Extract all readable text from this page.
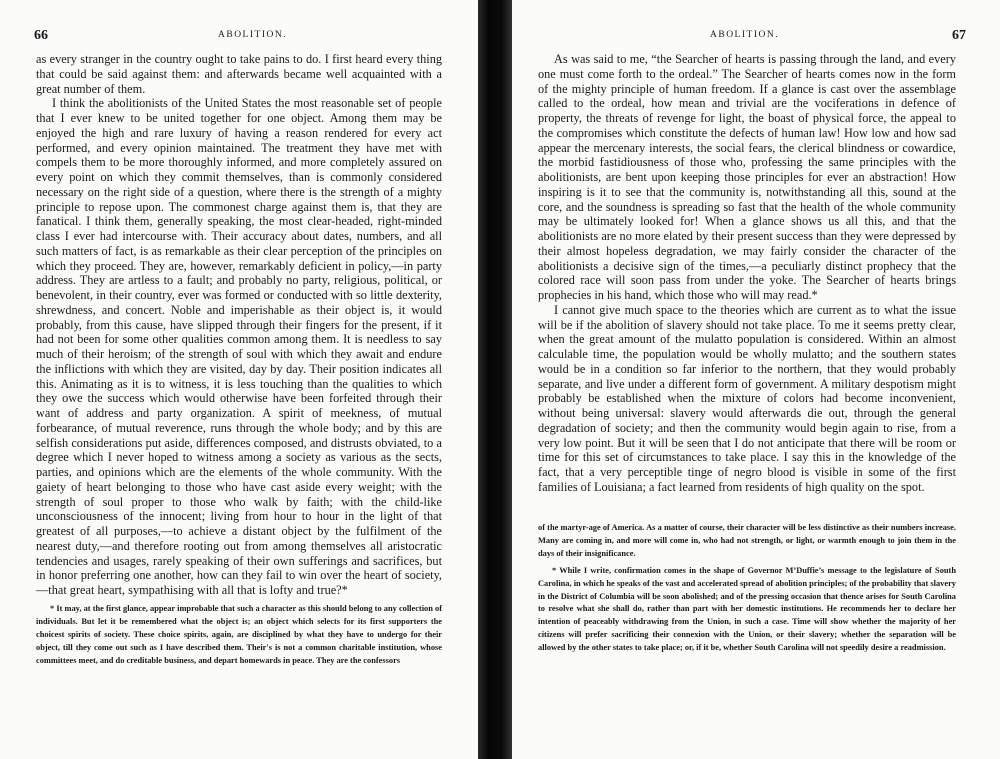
66	ABOLITION.

as every stranger in the country ought to take pains to do. I first heard every thing that could be said against them: and afterwards became well acquainted with a great number of them.

I think the abolitionists of the United States the most reasonable set of people that I ever knew to be united together for one object. Among them may be enjoyed the high and rare luxury of having a reason rendered for every act performed, and every opinion maintained. The treatment they have met with compels them to be more thoroughly informed, and more completely assured on every point on which they commit themselves, than is commonly considered necessary on the right side of a question, where there is the strength of a mighty principle to repose upon. The commonest charge against them is, that they are fanatical. I think them, generally speaking, the most clear-headed, right-minded class I ever had intercourse with. Their accuracy about dates, numbers, and all such matters of fact, is as remarkable as their clear perception of the principles on which they proceed. They are, however, remarkably deficient in policy,—in party address. They are artless to a fault; and probably no party, religious, political, or benevolent, in their country, ever was formed or conducted with so little dexterity, shrewdness, and concert. Noble and imperishable as their object is, it would probably, from this cause, have slipped through their fingers for the present, if it had not been for some other qualities common among them. It is needless to say much of their heroism; of the strength of soul with which they await and endure the inflictions with which they are visited, day by day. Their position indicates all this. Animating as it is to witness, it is less touching than the qualities to which they owe the success which would otherwise have been forfeited through their want of address and party organization. A spirit of meekness, of mutual forbearance, of mutual reverence, runs through the whole body; and by this are selfish considerations put aside, differences composed, and distrusts obviated, to a degree which I never hoped to witness among a society as various as the sects, parties, and opinions which are the elements of the whole community. With the gaiety of heart belonging to those who have cast aside every weight; with the strength of soul proper to those who walk by faith; with the child-like unconsciousness of the innocent; living from hour to hour in the light of that greatest of all purposes,—to achieve a distant object by the fulfilment of the nearest duty,—and therefore rooting out from among themselves all aristocratic tendencies and usages, rarely speaking of their own sufferings and sacrifices, but in honor preferring one another, how can they fail to win over the heart of society,—that great heart, sympathising with all that is lofty and true?*

* It may, at the first glance, appear improbable that such a character as this should belong to any collection of individuals. But let it be remembered what the object is; an object which selects for its first supporters the choicest spirits of society. These choice spirits, again, are disciplined by what they have to undergo for their object, till they come out such as I have described them. Their's is not a common charitable institution, whose committees meet, and do creditable business, and depart homewards in peace. They are the confessors

ABOLITION.	67

As was said to me, “the Searcher of hearts is passing through the land, and every one must come forth to the ordeal.” The Searcher of hearts comes now in the form of the mighty principle of human freedom. If a glance is cast over the assemblage called to the ordeal, how mean and trivial are the vociferations in defence of property, the threats of revenge for light, the boast of physical force, the appeal to the compromises which constitute the defects of human law! How low and how sad appear the mercenary interests, the social fears, the clerical blindness or cowardice, the morbid fastidiousness of those who, professing the same principles with the abolitionists, are bent upon keeping those principles for ever an abstraction! How inspiring is it to see that the community is, notwithstanding all this, sound at the core, and the soundness is spreading so fast that the health of the whole community may be ultimately looked for! When a glance shows us all this, and that the abolitionists are no more elated by their present success than they were depressed by their almost hopeless degradation, we may fairly consider the character of the abolitionists a decisive sign of the times,—a peculiarly distinct prophecy that the colored race will soon pass from under the yoke. The Searcher of hearts brings prophecies in his hand, which those who will may read.*

I cannot give much space to the theories which are current as to what the issue will be if the abolition of slavery should not take place. To me it seems pretty clear, when the great amount of the mulatto population is considered. Within an almost calculable time, the population would be wholly mulatto; and the southern states would be in a condition so far inferior to the northern, that they would probably separate, and live under a different form of government. A military despotism might probably be established when the mixture of colors had become inconvenient, without being universal: slavery would afterwards die out, through the general degradation of society; and then the community would begin again to rise, from a very low point. But it will be seen that I do not anticipate that there will be room or time for this set of circumstances to take place. I say this in the knowledge of the fact, that a very perceptible tinge of negro blood is visible in some of the first families of Louisiana; a fact learned from residents of high quality on the spot.

of the martyr-age of America. As a matter of course, their character will be less distinctive as their numbers increase. Many are coming in, and more will come in, who had not strength, or light, or warmth enough to join them in the days of their insignificance.

* While I write, confirmation comes in the shape of Governor M’Duffie’s message to the legislature of South Carolina, in which he speaks of the vast and accelerated spread of abolition principles; of the probability that slavery in the District of Columbia will be soon abolished; and of the pressing occasion that thence arises for South Carolina to resolve what she shall do, rather than part with her domestic institutions. He recommends her to declare her intention of peaceably withdrawing from the Union, in such a case. Time will show whether the majority of her citizens will prefer sacrificing their connexion with the Union, or their slavery; whether the separation will be allowed by the other states to take place; or, if it be, whether South Carolina will not speedily desire a readmission.
